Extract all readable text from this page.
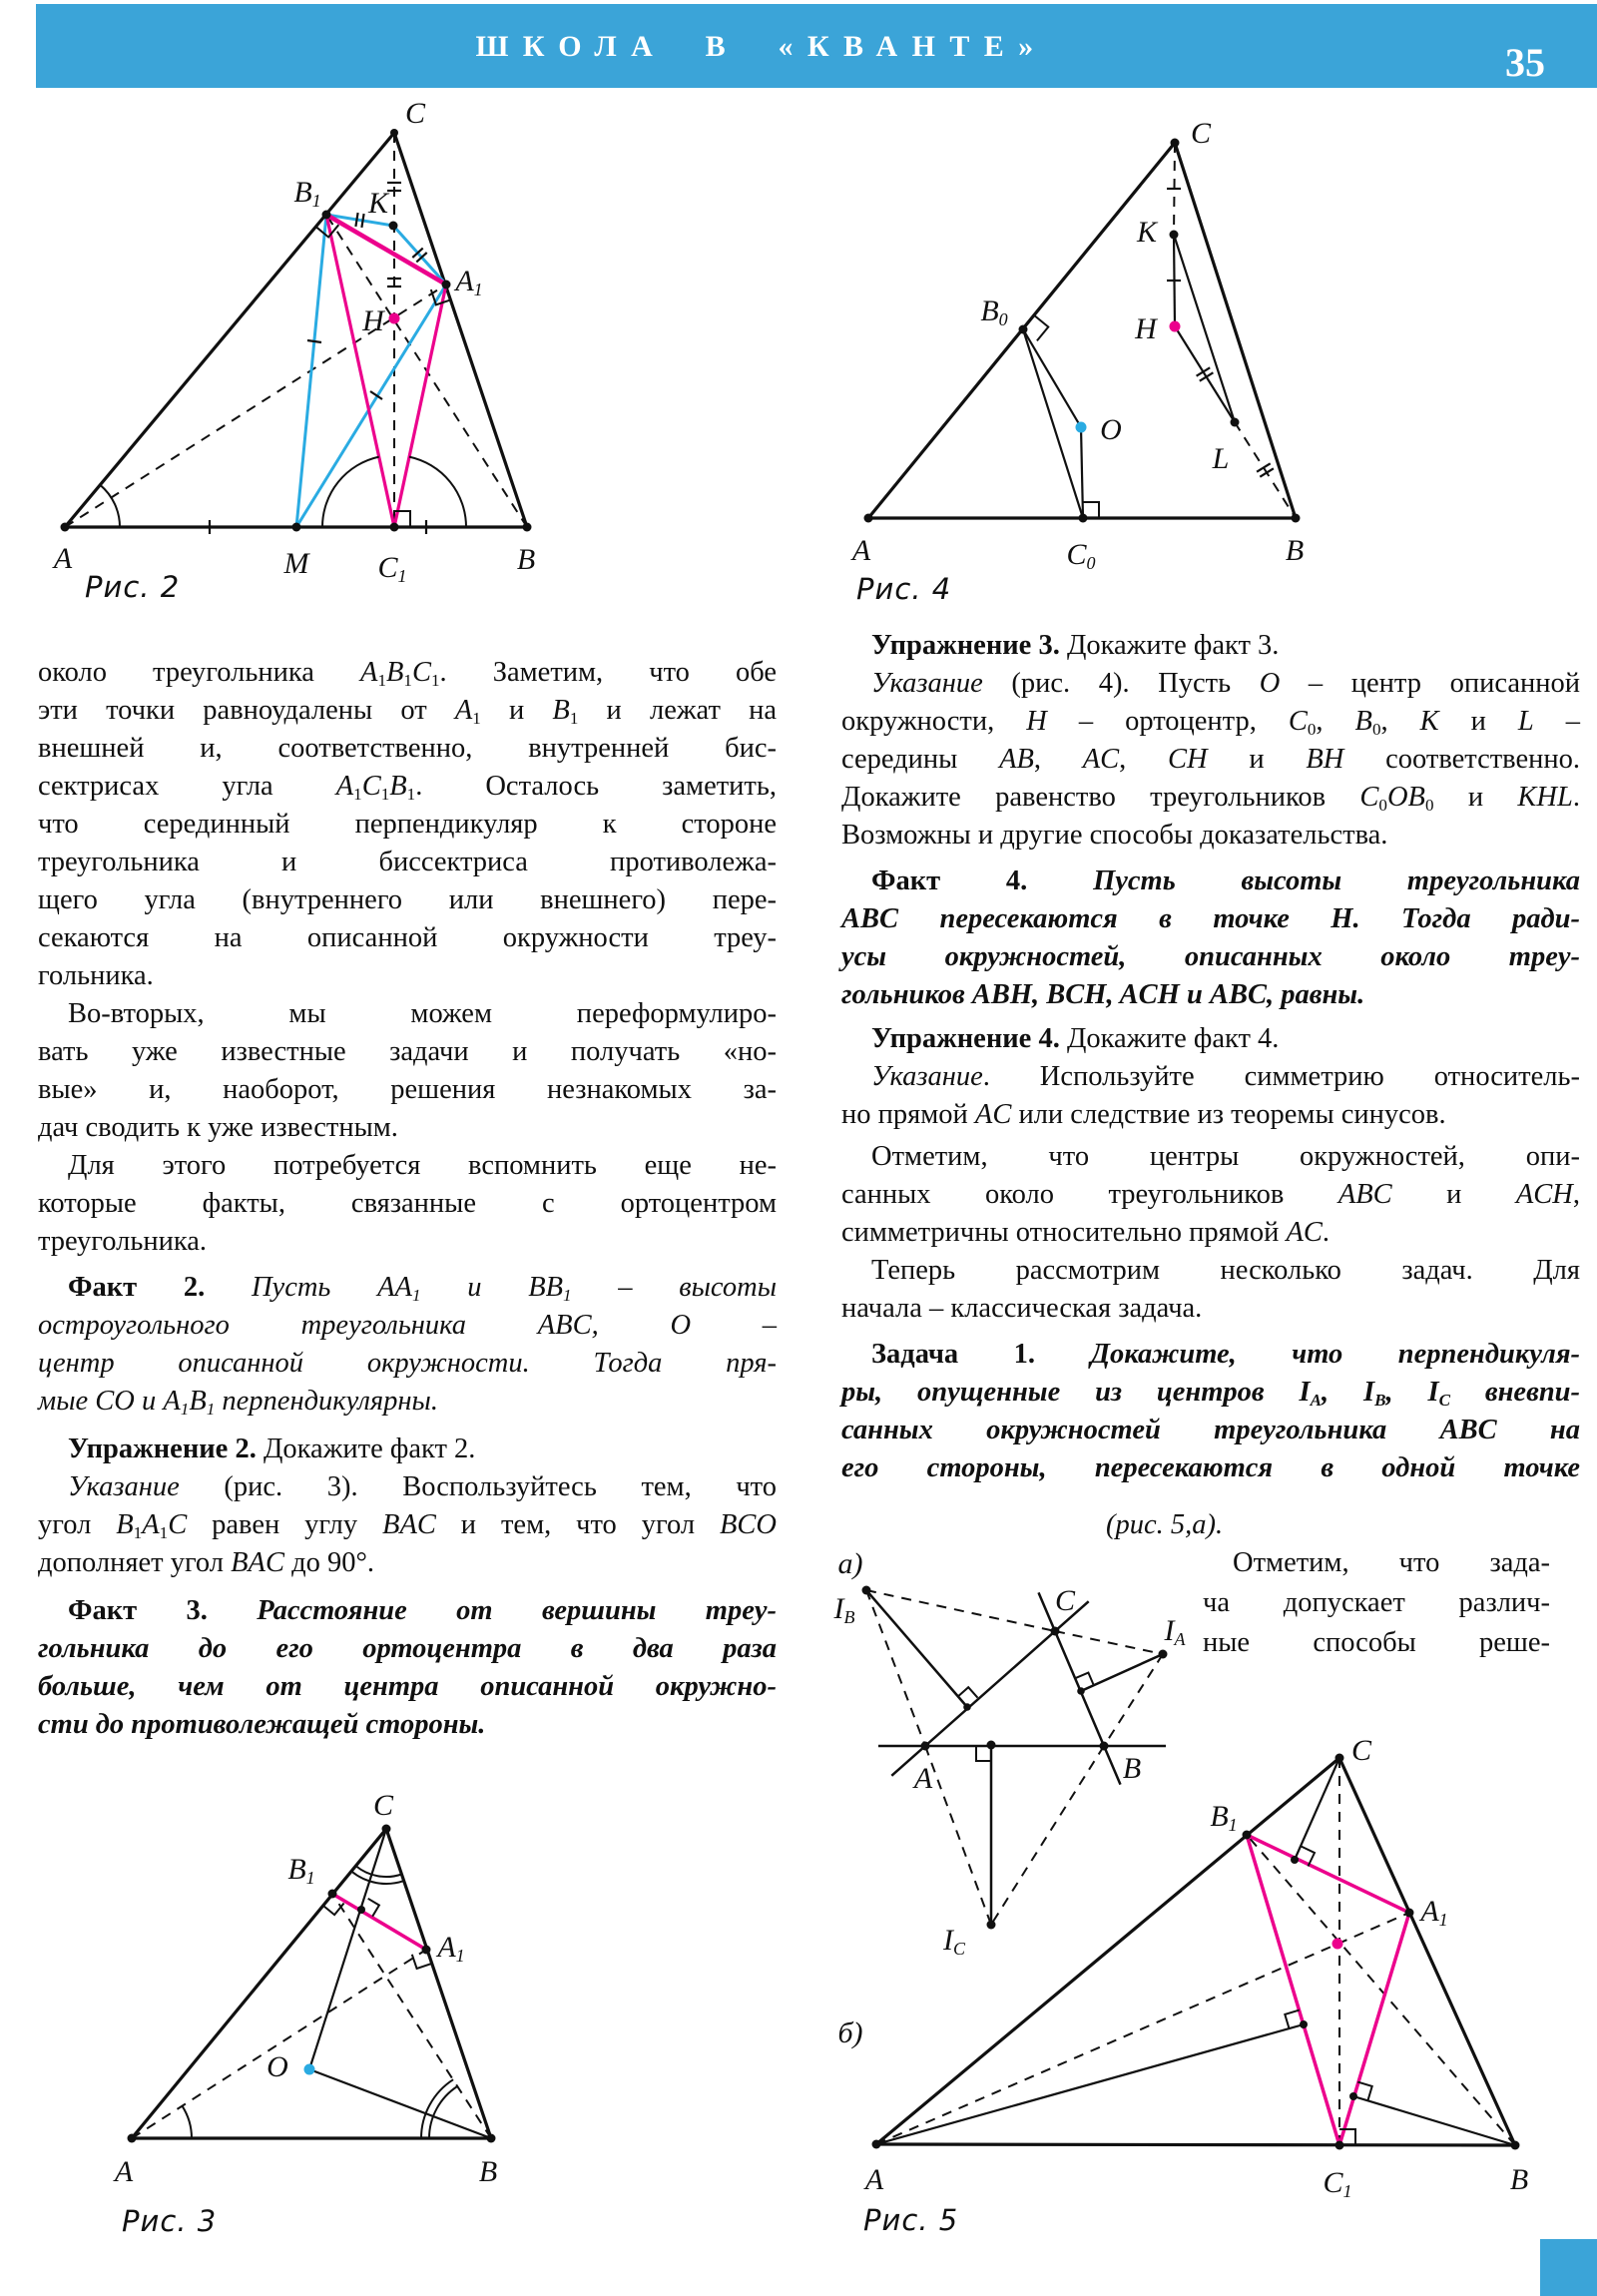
ШКОЛА В «КВАНТЕ»	35
Рис. 2
A	M $C_1$
B
C
$B_1$ K
$A_1$
H
Рис. 4
A	$C_0$	B
$B_0$
O
C
K
H
L
около треугольника $A_1B_1C_1$. Заметим, что обе
эти точки равноудалены от $A_1$ и $B_1$ и лежат на
внешней и, соответственно, внутренней бис-
сектрисах угла $A_1C_1B_1$. Осталось заметить,
что серединный перпендикуляр к стороне
треугольника и биссектриса противолежа-
щего угла (внутреннего или внешнего) пере-
секаются на описанной окружности треу-
гольника.
Во-вторых, мы можем переформулиро-
вать уже известные задачи и получать «но-
вые» и, наоборот, решения незнакомых за-
дач сводить к уже известным.
Для этого потребуется вспомнить еще не-
которые факты, связанные с ортоцентром
треугольника.
Факт 2. Пусть $AA_1$ и $BB_1$ – высоты
остроугольного треугольника ABC, O –
центр описанной окружности. Тогда пря-
мые CO и $A_1B_1$ перпендикулярны.
Упражнение 2. Докажите факт 2.
Указание (рис. 3). Воспользуйтесь тем, что
угол $B_1A_1C$ равен углу BAC и тем, что угол BCO
дополняет угол BAC до 90°.
Факт 3. Расстояние от вершины треу-
гольника до его ортоцентра в два раза
больше, чем от центра описанной окружно-
сти до противолежащей стороны.
Упражнение 3. Докажите факт 3.
Указание (рис. 4). Пусть O – центр описанной
окружности, H – ортоцентр, $C_0$, $B_0$, K и L –
середины AB, AC, CH и BH соответственно.
Докажите равенство треугольников $C_0OB_0$ и KHL.
Возможны и другие способы доказательства.
Факт 4. Пусть высоты треугольника
ABC пересекаются в точке H. Тогда ради-
усы окружностей, описанных около треу-
гольников ABH, BCH, ACH и ABC, равны.
Упражнение 4. Докажите факт 4.
Указание. Используйте симметрию относитель-
но прямой AC или следствие из теоремы синусов.
Отметим, что центры окружностей, опи-
санных около треугольников ABC и ACH,
симметричны относительно прямой AC.
Теперь рассмотрим несколько задач. Для
начала – классическая задача.
Задача 1. Докажите, что перпендикуля-
ры, опущенные из центров $I_A$, $I_B$, $I_C$ вневпи-
санных окружностей треугольника ABC на
его стороны, пересекаются в одной точке
(рис. 5,а).
Отметим, что зада-
ча допускает различ-
ные способы реше-
Рис. 3
A	B
C
$B_1$
$A_1$
O
Рис. 5
а)
$I_B$
C
$I_A$
A	B
$I_C$
б)
$B_1$
C
$A_1$
A	$C_1$	B
